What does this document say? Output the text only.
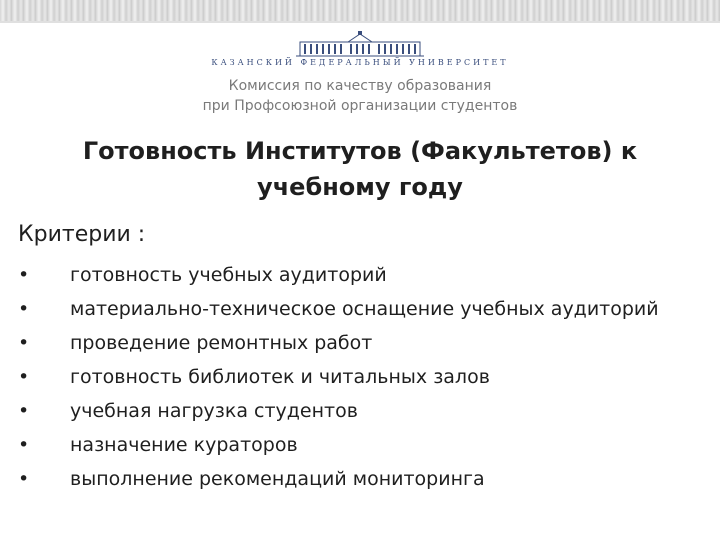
КАЗАНСКИЙ ФЕДЕРАЛЬНЫЙ УНИВЕРСИТЕТ
Комиссия по качеству образования
при Профсоюзной организации студентов
Готовность Институтов (Факультетов) к учебному году
Критерии :
•	готовность учебных аудиторий
•	материально-техническое оснащение учебных аудиторий
•	проведение ремонтных работ
•	готовность библиотек и читальных залов
•	учебная нагрузка студентов
•	назначение кураторов
•	выполнение рекомендаций мониторинга
